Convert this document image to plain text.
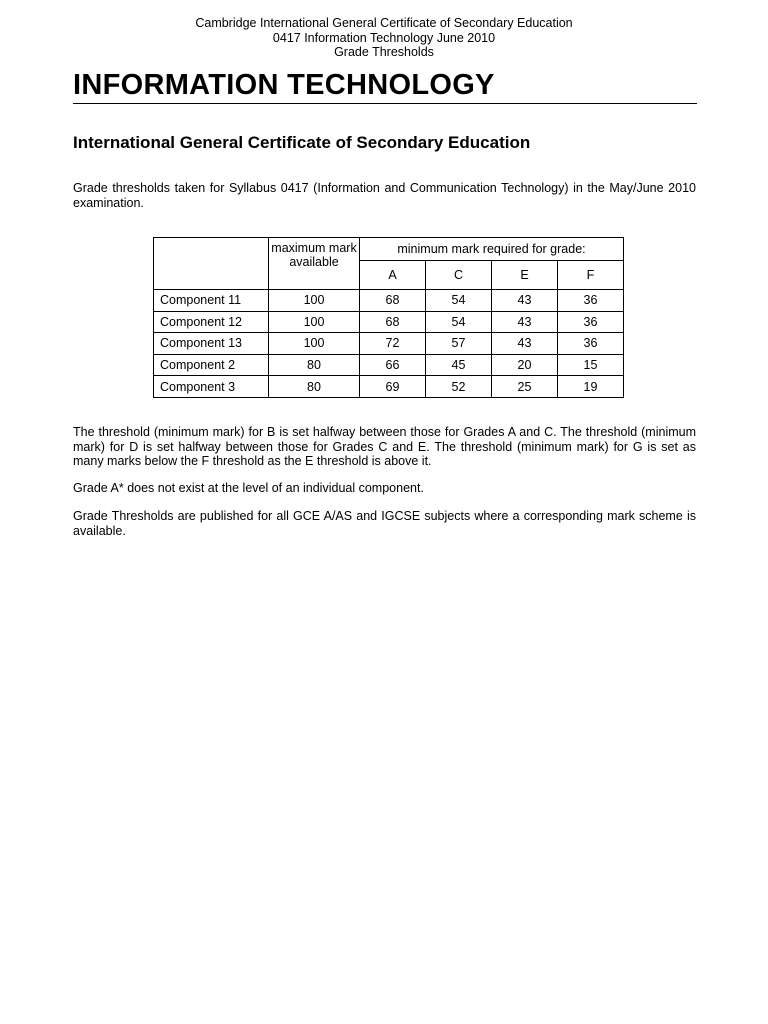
Cambridge International General Certificate of Secondary Education
0417 Information Technology June 2010
Grade Thresholds
INFORMATION TECHNOLOGY
International General Certificate of Secondary Education
Grade thresholds taken for Syllabus 0417 (Information and Communication Technology) in the May/June 2010 examination.
	maximum mark available	minimum mark required for grade:			
		A	C	E	F
Component 11	100	68	54	43	36
Component 12	100	68	54	43	36
Component 13	100	72	57	43	36
Component 2	80	66	45	20	15
Component 3	80	69	52	25	19
The threshold (minimum mark) for B is set halfway between those for Grades A and C. The threshold (minimum mark) for D is set halfway between those for Grades C and E. The threshold (minimum mark) for G is set as many marks below the F threshold as the E threshold is above it.
Grade A* does not exist at the level of an individual component.
Grade Thresholds are published for all GCE A/AS and IGCSE subjects where a corresponding mark scheme is available.
